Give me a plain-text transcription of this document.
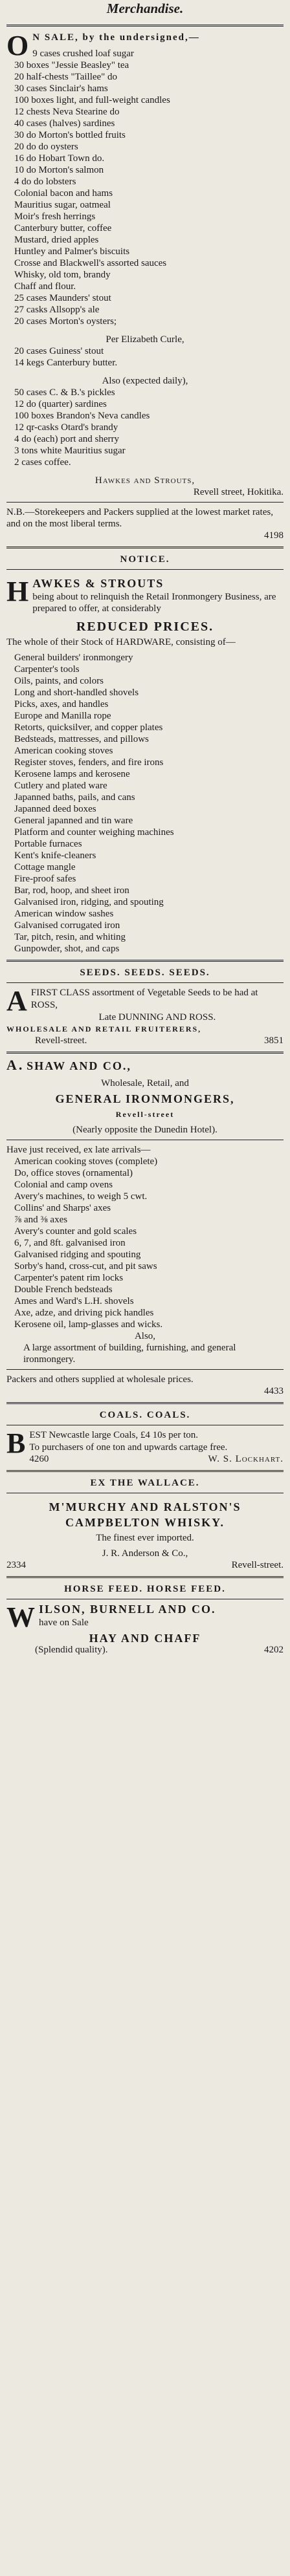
Merchandise.

O N SALE, by the undersigned,—

9 cases crushed loaf sugar

30 boxes "Jessie Beasley" tea

20 half-chests "Taillee" do

30 cases Sinclair's hams

100 boxes light, and full-weight candles

12 chests Neva Stearine do

40 cases (halves) sardines

30 do Morton's bottled fruits

20 do do oysters

16 do Hobart Town do.

10 do Morton's salmon

4 do do lobsters

Colonial bacon and hams

Mauritius sugar, oatmeal

Moir's fresh herrings

Canterbury butter, coffee

Mustard, dried apples

Huntley and Palmer's biscuits

Crosse and Blackwell's assorted sauces

Whisky, old tom, brandy

Chaff and flour.

25 cases Maunders' stout

27 casks Allsopp's ale

20 cases Morton's oysters;

Per Elizabeth Curle,

20 cases Guiness' stout

14 kegs Canterbury butter.

Also (expected daily),

50 cases C. & B.'s pickles

12 do (quarter) sardines

100 boxes Brandon's Neva candles

12 qr-casks Otard's brandy

4 do (each) port and sherry

3 tons white Mauritius sugar

2 cases coffee.

Hawkes and Strouts,

Revell street, Hokitika.

N.B.—Storekeepers and Packers supplied at the lowest market rates, and on the most liberal terms.

4198

NOTICE.

HAWKES & STROUTS

being about to relinquish the Retail Ironmongery Business, are prepared to offer, at considerably

REDUCED PRICES.

The whole of their Stock of HARDWARE, consisting of—

General builders' ironmongery

Carpenter's tools

Oils, paints, and colors

Long and short-handled shovels

Picks, axes, and handles

Europe and Manilla rope

Retorts, quicksilver, and copper plates

Bedsteads, mattresses, and pillows

American cooking stoves

Register stoves, fenders, and fire irons

Kerosene lamps and kerosene

Cutlery and plated ware

Japanned baths, pails, and cans

Japanned deed boxes

General japanned and tin ware

Platform and counter weighing machines

Portable furnaces

Kent's knife-cleaners

Cottage mangle

Fire-proof safes

Bar, rod, hoop, and sheet iron

Galvanised iron, ridging, and spouting

American window sashes

Galvanised corrugated iron

Tar, pitch, resin, and whiting

Gunpowder, shot, and caps

SEEDS. SEEDS. SEEDS.

AFIRST CLASS assortment of Vegetable Seeds to be had at ROSS,

Late DUNNING AND ROSS.

WHOLESALE AND RETAIL FRUITERERS,

Revell-street.	3851

A. SHAW AND CO.,

Wholesale, Retail, and

GENERAL IRONMONGERS,

Revell-street

(Nearly opposite the Dunedin Hotel).

Have just received, ex late arrivals—

American cooking stoves (complete)

Do, office stoves (ornamental)

Colonial and camp ovens

Avery's machines, to weigh 5 cwt.

Collins' and Sharps' axes

⅞ and ⅜ axes

Avery's counter and gold scales

6, 7, and 8ft. galvanised iron

Galvanised ridging and spouting

Sorby's hand, cross-cut, and pit saws

Carpenter's patent rim locks

Double French bedsteads

Ames and Ward's L.H. shovels

Axe, adze, and driving pick handles

Kerosene oil, lamp-glasses and wicks.

Also,

A large assortment of building, furnishing, and general ironmongery.

Packers and others supplied at wholesale prices.

4433

COALS. COALS.

BEST Newcastle large Coals, £4 10s per ton.

To purchasers of one ton and upwards cartage free.

4260	W. S. Lockhart.

EX THE WALLACE.

M'MURCHY AND RALSTON'S

CAMPBELTON WHISKY.

The finest ever imported.

J. R. Anderson & Co.,

2334	Revell-street.

HORSE FEED. HORSE FEED.

WILSON, BURNELL AND CO.

have on Sale

HAY AND CHAFF

(Splendid quality).	4202
